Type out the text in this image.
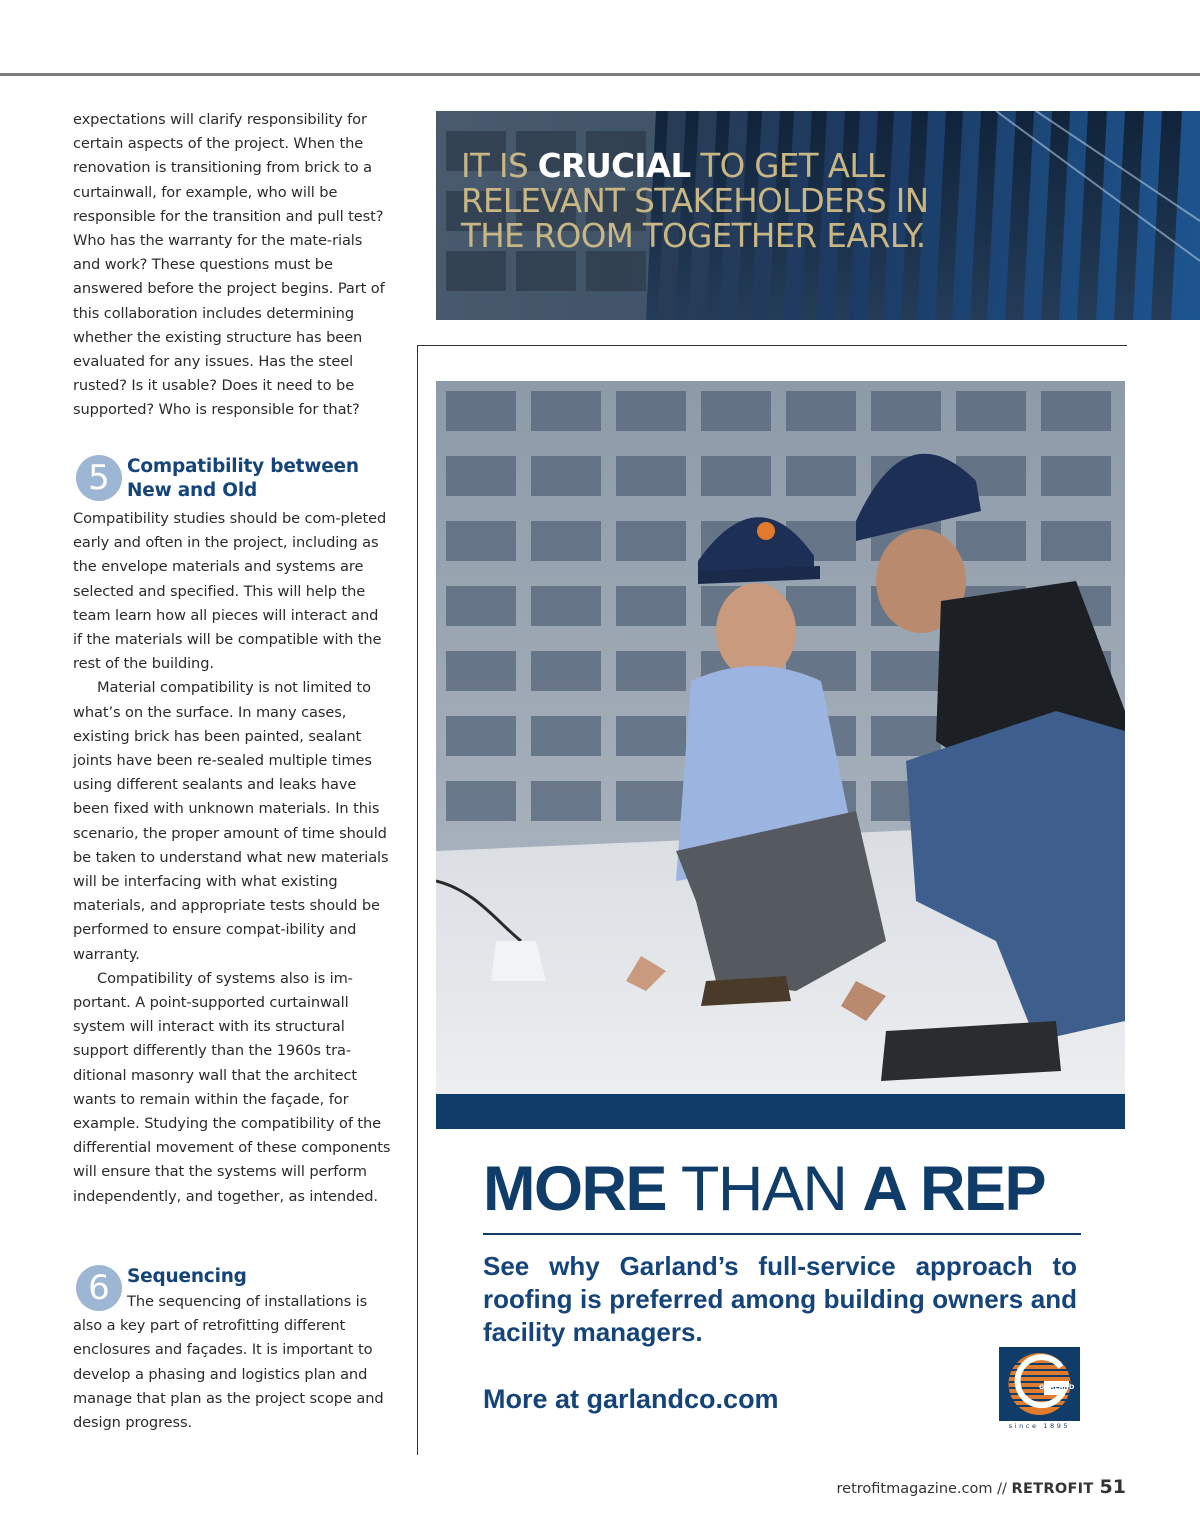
expectations will clarify responsibility for certain aspects of the project. When the renovation is transitioning from brick to a curtainwall, for example, who will be responsible for the transition and pull test? Who has the warranty for the mate-rials and work? These questions must be answered before the project begins. Part of this collaboration includes determining whether the existing structure has been evaluated for any issues. Has the steel rusted? Is it usable? Does it need to be supported? Who is responsible for that?

5 Compatibility between
New and Old

Compatibility studies should be com-pleted early and often in the project, including as the envelope materials and systems are selected and specified. This will help the team learn how all pieces will interact and if the materials will be compatible with the rest of the building.

Material compatibility is not limited to what’s on the surface. In many cases, existing brick has been painted, sealant joints have been re-sealed multiple times using different sealants and leaks have been fixed with unknown materials. In this scenario, the proper amount of time should be taken to understand what new materials will be interfacing with what existing materials, and appropriate tests should be performed to ensure compat-ibility and warranty.

Compatibility of systems also is im-portant. A point-supported curtainwall system will interact with its structural support differently than the 1960s tra-ditional masonry wall that the architect wants to remain within the façade, for example. Studying the compatibility of the differential movement of these components will ensure that the systems will perform independently, and together, as intended.

6 Sequencing

The sequencing of installations is also a key part of retrofitting different enclosures and façades. It is important to develop a phasing and logistics plan and manage that plan as the project scope and design progress.

IT IS CRUCIAL TO GET ALL RELEVANT STAKEHOLDERS IN THE ROOM TOGETHER EARLY.

MORE THAN A REP

See why Garland’s full-service approach to roofing is preferred among building owners and facility managers.

More at garlandco.com	GARLAND
since 1895
retrofitmagazine.com // RETROFIT 51
